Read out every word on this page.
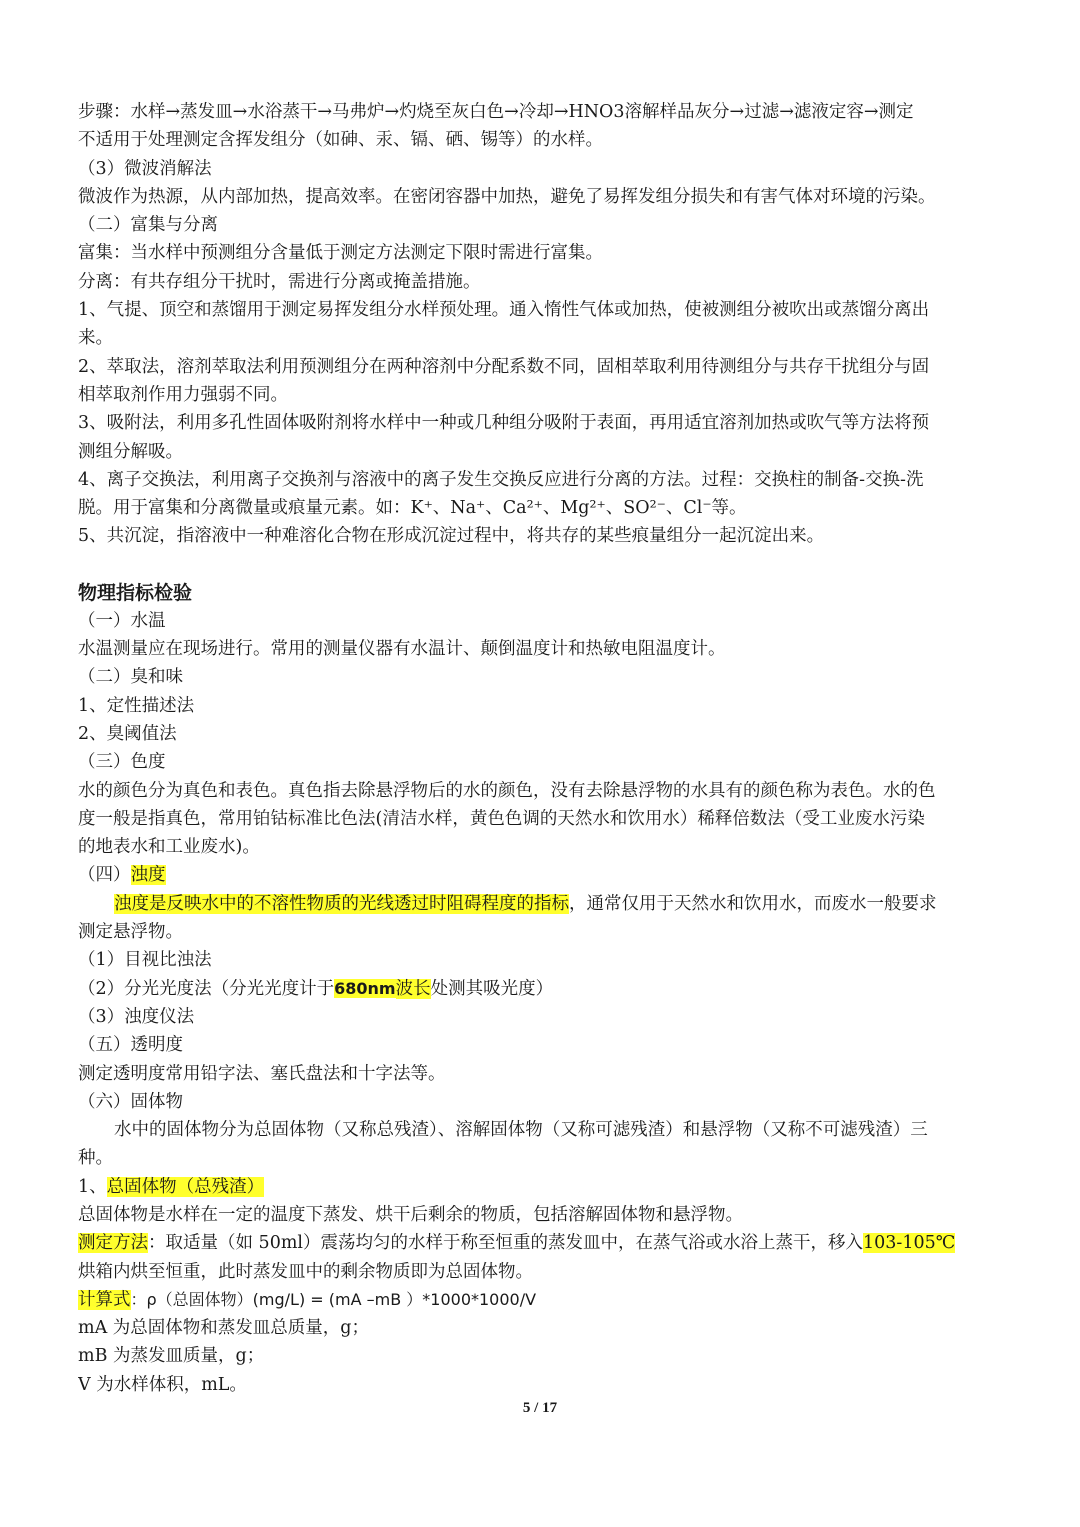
步骤：水样→蒸发皿→水浴蒸干→马弗炉→灼烧至灰白色→冷却→HNO3溶解样品灰分→过滤→滤液定容→测定
不适用于处理测定含挥发组分（如砷、汞、镉、硒、锡等）的水样。
（3）微波消解法
微波作为热源，从内部加热，提高效率。在密闭容器中加热，避免了易挥发组分损失和有害气体对环境的污染。
（二）富集与分离
富集：当水样中预测组分含量低于测定方法测定下限时需进行富集。
分离：有共存组分干扰时，需进行分离或掩盖措施。
1、气提、顶空和蒸馏用于测定易挥发组分水样预处理。通入惰性气体或加热，使被测组分被吹出或蒸馏分离出
来。
2、萃取法，溶剂萃取法利用预测组分在两种溶剂中分配系数不同，固相萃取利用待测组分与共存干扰组分与固
相萃取剂作用力强弱不同。
3、吸附法，利用多孔性固体吸附剂将水样中一种或几种组分吸附于表面，再用适宜溶剂加热或吹气等方法将预
测组分解吸。
4、离子交换法，利用离子交换剂与溶液中的离子发生交换反应进行分离的方法。过程：交换柱的制备-交换-洗
脱。用于富集和分离微量或痕量元素。如：K⁺、Na⁺、Ca²⁺、Mg²⁺、SO²⁻、Cl⁻等。
5、共沉淀，指溶液中一种难溶化合物在形成沉淀过程中，将共存的某些痕量组分一起沉淀出来。
物理指标检验
（一）水温
水温测量应在现场进行。常用的测量仪器有水温计、颠倒温度计和热敏电阻温度计。
（二）臭和味
1、定性描述法
2、臭阈值法
（三）色度
水的颜色分为真色和表色。真色指去除悬浮物后的水的颜色，没有去除悬浮物的水具有的颜色称为表色。水的色
度一般是指真色，常用铂钴标准比色法(清洁水样，黄色色调的天然水和饮用水）稀释倍数法（受工业废水污染
的地表水和工业废水)。
（四）浊度
浊度是反映水中的不溶性物质的光线透过时阻碍程度的指标，通常仅用于天然水和饮用水，而废水一般要求
测定悬浮物。
（1）目视比浊法
（2）分光光度法（分光光度计于680nm波长处测其吸光度）
（3）浊度仪法
（五）透明度
测定透明度常用铅字法、塞氏盘法和十字法等。
（六）固体物
水中的固体物分为总固体物（又称总残渣）、溶解固体物（又称可滤残渣）和悬浮物（又称不可滤残渣）三
种。
1、总固体物（总残渣）
总固体物是水样在一定的温度下蒸发、烘干后剩余的物质，包括溶解固体物和悬浮物。
测定方法：取适量（如 50ml）震荡均匀的水样于称至恒重的蒸发皿中，在蒸气浴或水浴上蒸干，移入103-105℃
烘箱内烘至恒重，此时蒸发皿中的剩余物质即为总固体物。
计算式：ρ（总固体物）(mg/L) = (mA –mB ）*1000*1000/V
mA 为总固体物和蒸发皿总质量，g；
mB 为蒸发皿质量，g；
V 为水样体积，mL。
5 / 17
